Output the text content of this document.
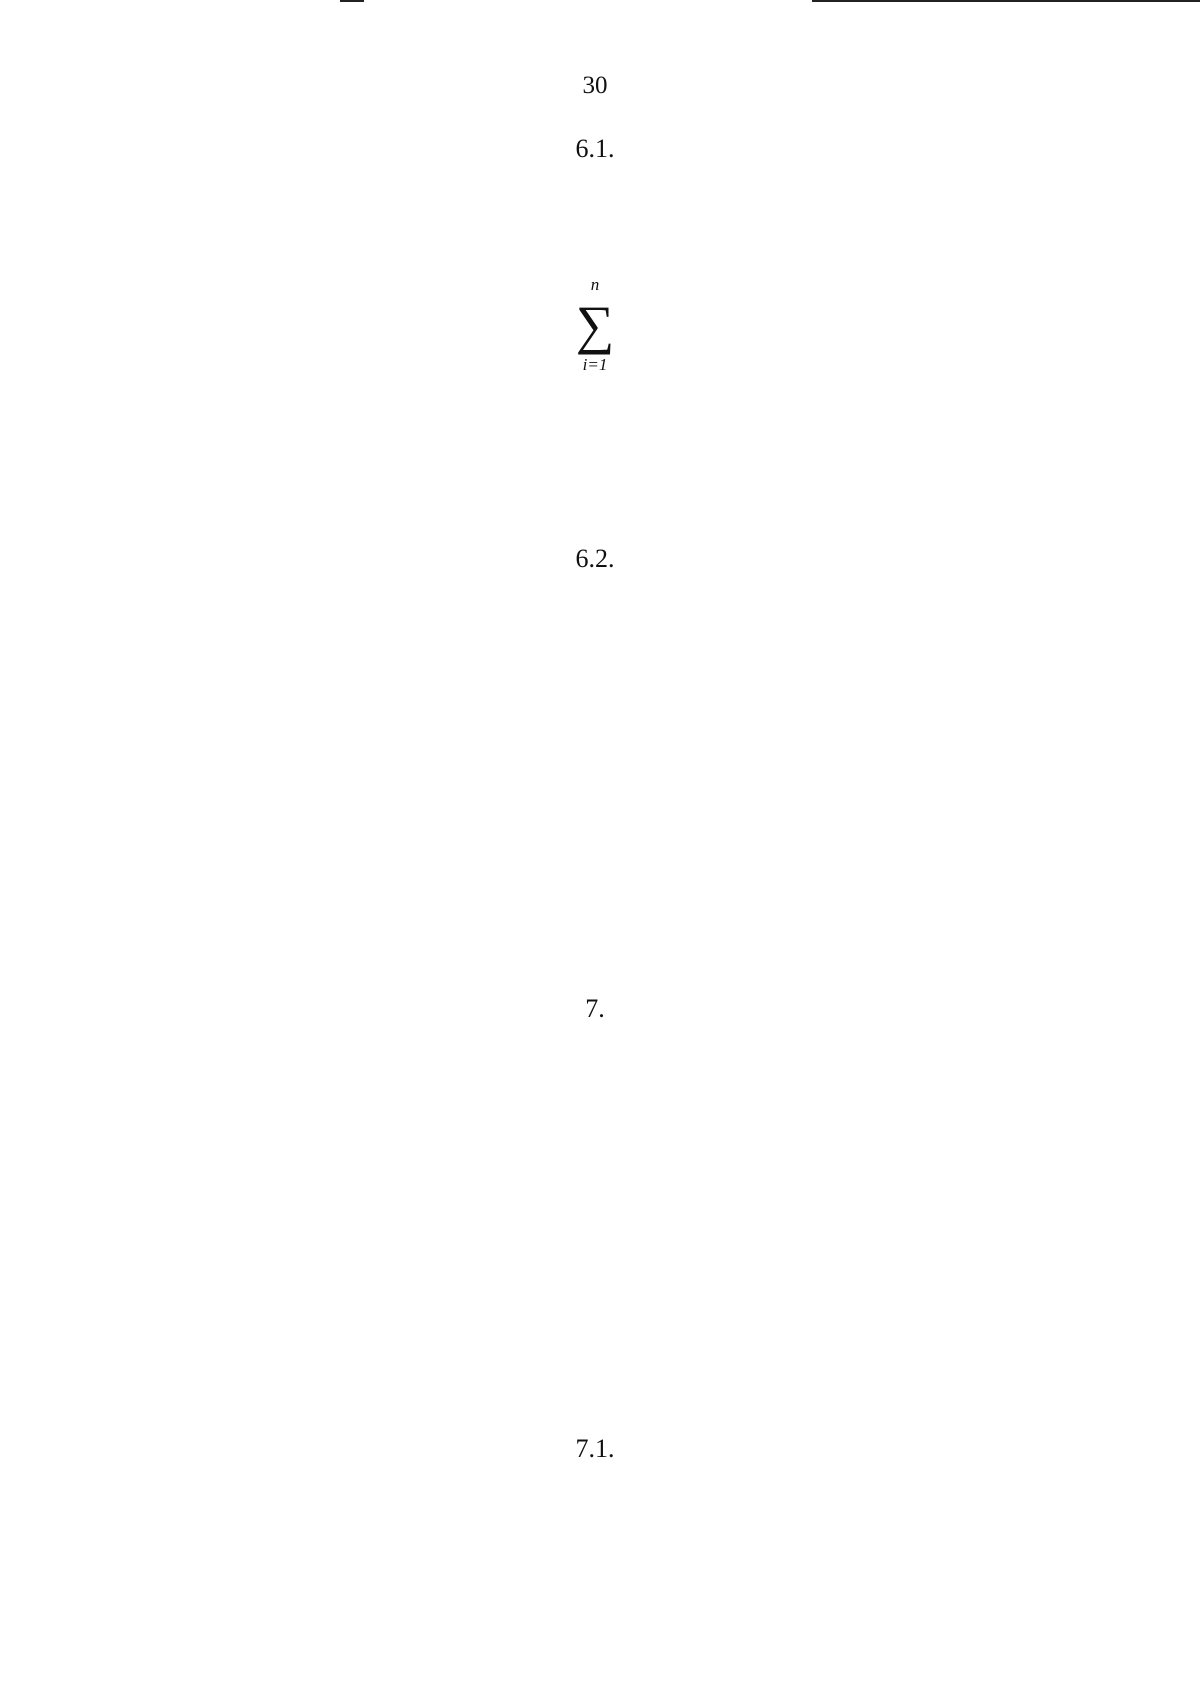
30
6.1.
6.2.
7.
7.1.
n
∑
i=1
